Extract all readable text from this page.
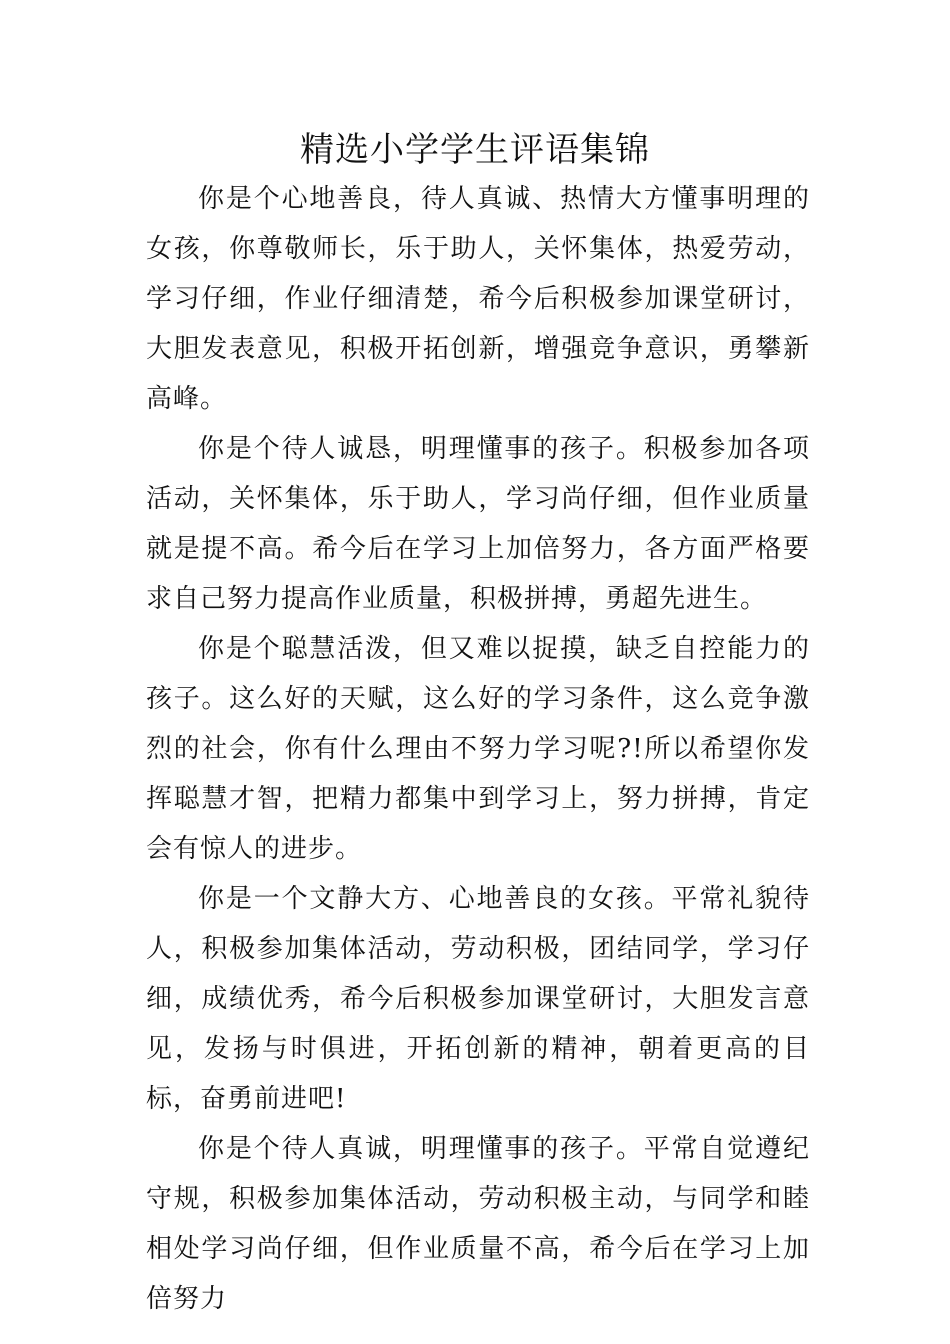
精选小学学生评语集锦

你是个心地善良，待人真诚、热情大方懂事明理的女孩，你尊敬师长，乐于助人，关怀集体，热爱劳动，学习仔细，作业仔细清楚，希今后积极参加课堂研讨，大胆发表意见，积极开拓创新，增强竞争意识，勇攀新高峰。

你是个待人诚恳，明理懂事的孩子。积极参加各项活动，关怀集体，乐于助人，学习尚仔细，但作业质量就是提不高。希今后在学习上加倍努力，各方面严格要求自己努力提高作业质量，积极拼搏，勇超先进生。

你是个聪慧活泼，但又难以捉摸，缺乏自控能力的孩子。这么好的天赋，这么好的学习条件，这么竞争激烈的社会，你有什么理由不努力学习呢?!所以希望你发挥聪慧才智，把精力都集中到学习上，努力拼搏，肯定会有惊人的进步。

你是一个文静大方、心地善良的女孩。平常礼貌待人，积极参加集体活动，劳动积极，团结同学，学习仔细，成绩优秀，希今后积极参加课堂研讨，大胆发言意见，发扬与时俱进，开拓创新的精神，朝着更高的目标，奋勇前进吧!

你是个待人真诚，明理懂事的孩子。平常自觉遵纪守规，积极参加集体活动，劳动积极主动，与同学和睦相处学习尚仔细，但作业质量不高，希今后在学习上加倍努力
